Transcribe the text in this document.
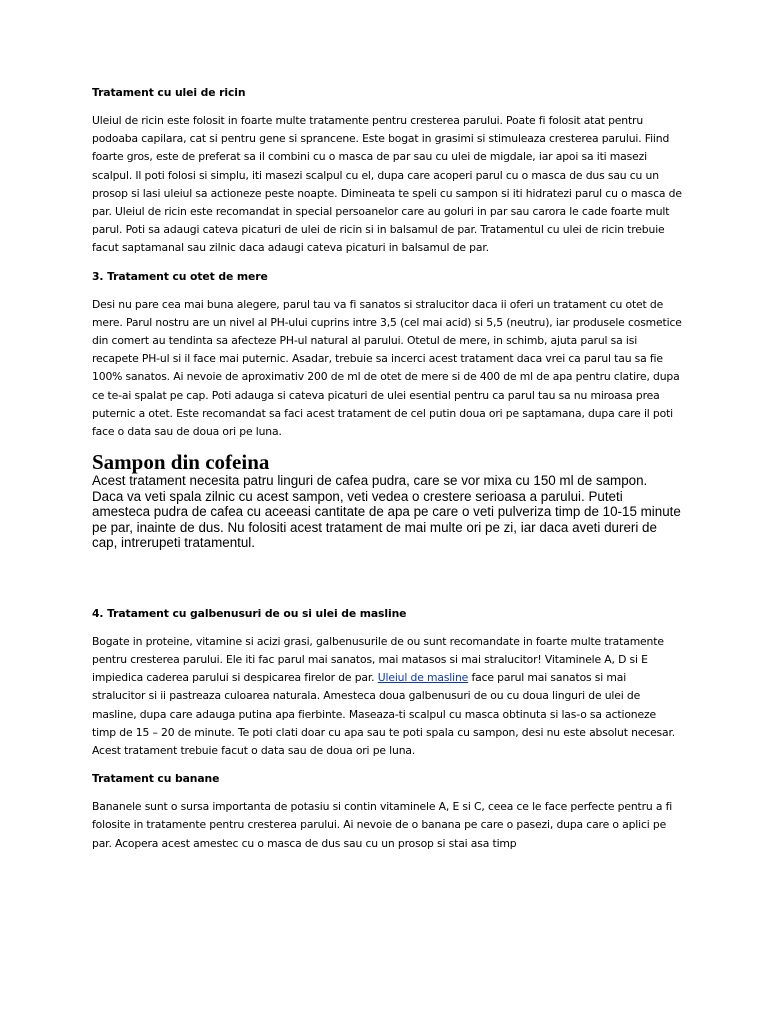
Tratament cu ulei de ricin

Uleiul de ricin este folosit in foarte multe tratamente pentru cresterea parului. Poate fi folosit atat pentru podoaba capilara, cat si pentru gene si sprancene. Este bogat in grasimi si stimuleaza cresterea parului. Fiind foarte gros, este de preferat sa il combini cu o masca de par sau cu ulei de migdale, iar apoi sa iti masezi scalpul. Il poti folosi si simplu, iti masezi scalpul cu el, dupa care acoperi parul cu o masca de dus sau cu un prosop si lasi uleiul sa actioneze peste noapte. Dimineata te speli cu sampon si iti hidratezi parul cu o masca de par. Uleiul de ricin este recomandat in special persoanelor care au goluri in par sau carora le cade foarte mult parul. Poti sa adaugi cateva picaturi de ulei de ricin si in balsamul de par. Tratamentul cu ulei de ricin trebuie facut saptamanal sau zilnic daca adaugi cateva picaturi in balsamul de par.

3. Tratament cu otet de mere

Desi nu pare cea mai buna alegere, parul tau va fi sanatos si stralucitor daca ii oferi un tratament cu otet de mere. Parul nostru are un nivel al PH-ului cuprins intre 3,5 (cel mai acid) si 5,5 (neutru), iar produsele cosmetice din comert au tendinta sa afecteze PH-ul natural al parului. Otetul de mere, in schimb, ajuta parul sa isi recapete PH-ul si il face mai puternic. Asadar, trebuie sa incerci acest tratament daca vrei ca parul tau sa fie 100% sanatos. Ai nevoie de aproximativ 200 de ml de otet de mere si de 400 de ml de apa pentru clatire, dupa ce te-ai spalat pe cap. Poti adauga si cateva picaturi de ulei esential pentru ca parul tau sa nu miroasa prea puternic a otet. Este recomandat sa faci acest tratament de cel putin doua ori pe saptamana, dupa care il poti face o data sau de doua ori pe luna.

Sampon din cofeina

Acest tratament necesita patru linguri de cafea pudra, care se vor mixa cu 150 ml de sampon. Daca va veti spala zilnic cu acest sampon, veti vedea o crestere serioasa a parului. Puteti amesteca pudra de cafea cu aceeasi cantitate de apa pe care o veti pulveriza timp de 10-15 minute pe par, inainte de dus. Nu folositi acest tratament de mai multe ori pe zi, iar daca aveti dureri de cap, intrerupeti tratamentul.

4. Tratament cu galbenusuri de ou si ulei de masline

Bogate in proteine, vitamine si acizi grasi, galbenusurile de ou sunt recomandate in foarte multe tratamente pentru cresterea parului. Ele iti fac parul mai sanatos, mai matasos si mai stralucitor! Vitaminele A, D si E impiedica caderea parului si despicarea firelor de par. Uleiul de masline face parul mai sanatos si mai stralucitor si ii pastreaza culoarea naturala. Amesteca doua galbenusuri de ou cu doua linguri de ulei de masline, dupa care adauga putina apa fierbinte. Maseaza-ti scalpul cu masca obtinuta si las-o sa actioneze timp de 15 – 20 de minute. Te poti clati doar cu apa sau te poti spala cu sampon, desi nu este absolut necesar. Acest tratament trebuie facut o data sau de doua ori pe luna.

Tratament cu banane

Bananele sunt o sursa importanta de potasiu si contin vitaminele A, E si C, ceea ce le face perfecte pentru a fi folosite in tratamente pentru cresterea parului. Ai nevoie de o banana pe care o pasezi, dupa care o aplici pe par. Acopera acest amestec cu o masca de dus sau cu un prosop si stai asa timp
